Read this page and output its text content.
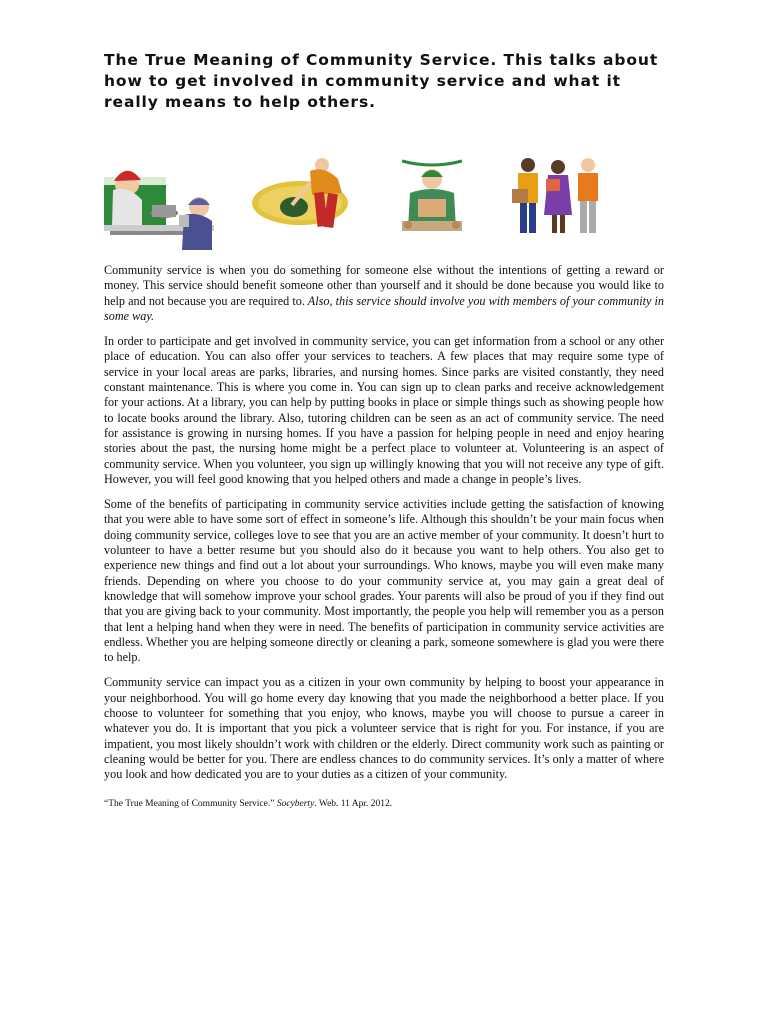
The True Meaning of Community Service. This talks about how to get involved in community service and what it really means to help others.

Community service is when you do something for someone else without the intentions of getting a reward or money. This service should benefit someone other than yourself and it should be done because you would like to help and not because you are required to. Also, this service should involve you with members of your community in some way.

In order to participate and get involved in community service, you can get information from a school or any other place of education. You can also offer your services to teachers. A few places that may require some type of service in your local areas are parks, libraries, and nursing homes. Since parks are visited constantly, they need constant maintenance. This is where you come in. You can sign up to clean parks and receive acknowledgement for your actions. At a library, you can help by putting books in place or simple things such as showing people how to locate books around the library. Also, tutoring children can be seen as an act of community service. The need for assistance is growing in nursing homes. If you have a passion for helping people in need and enjoy hearing stories about the past, the nursing home might be a perfect place to volunteer at. Volunteering is an aspect of community service. When you volunteer, you sign up willingly knowing that you will not receive any type of gift. However, you will feel good knowing that you helped others and made a change in people’s lives.

Some of the benefits of participating in community service activities include getting the satisfaction of knowing that you were able to have some sort of effect in someone’s life. Although this shouldn’t be your main focus when doing community service, colleges love to see that you are an active member of your community. It doesn’t hurt to volunteer to have a better resume but you should also do it because you want to help others. You also get to experience new things and find out a lot about your surroundings. Who knows, maybe you will even make many friends. Depending on where you choose to do your community service at, you may gain a great deal of knowledge that will somehow improve your school grades. Your parents will also be proud of you if they find out that you are giving back to your community. Most importantly, the people you help will remember you as a person that lent a helping hand when they were in need. The benefits of participation in community service activities are endless. Whether you are helping someone directly or cleaning a park, someone somewhere is glad you were there to help.

Community service can impact you as a citizen in your own community by helping to boost your appearance in your neighborhood. You will go home every day knowing that you made the neighborhood a better place. If you choose to volunteer for something that you enjoy, who knows, maybe you will choose to pursue a career in whatever you do. It is important that you pick a volunteer service that is right for you. For instance, if you are impatient, you most likely shouldn’t work with children or the elderly. Direct community work such as painting or cleaning would be better for you. There are endless chances to do community services. It’s only a matter of where you look and how dedicated you are to your duties as a citizen of your community.

“The True Meaning of Community Service.” Socyberty. Web. 11 Apr. 2012.
